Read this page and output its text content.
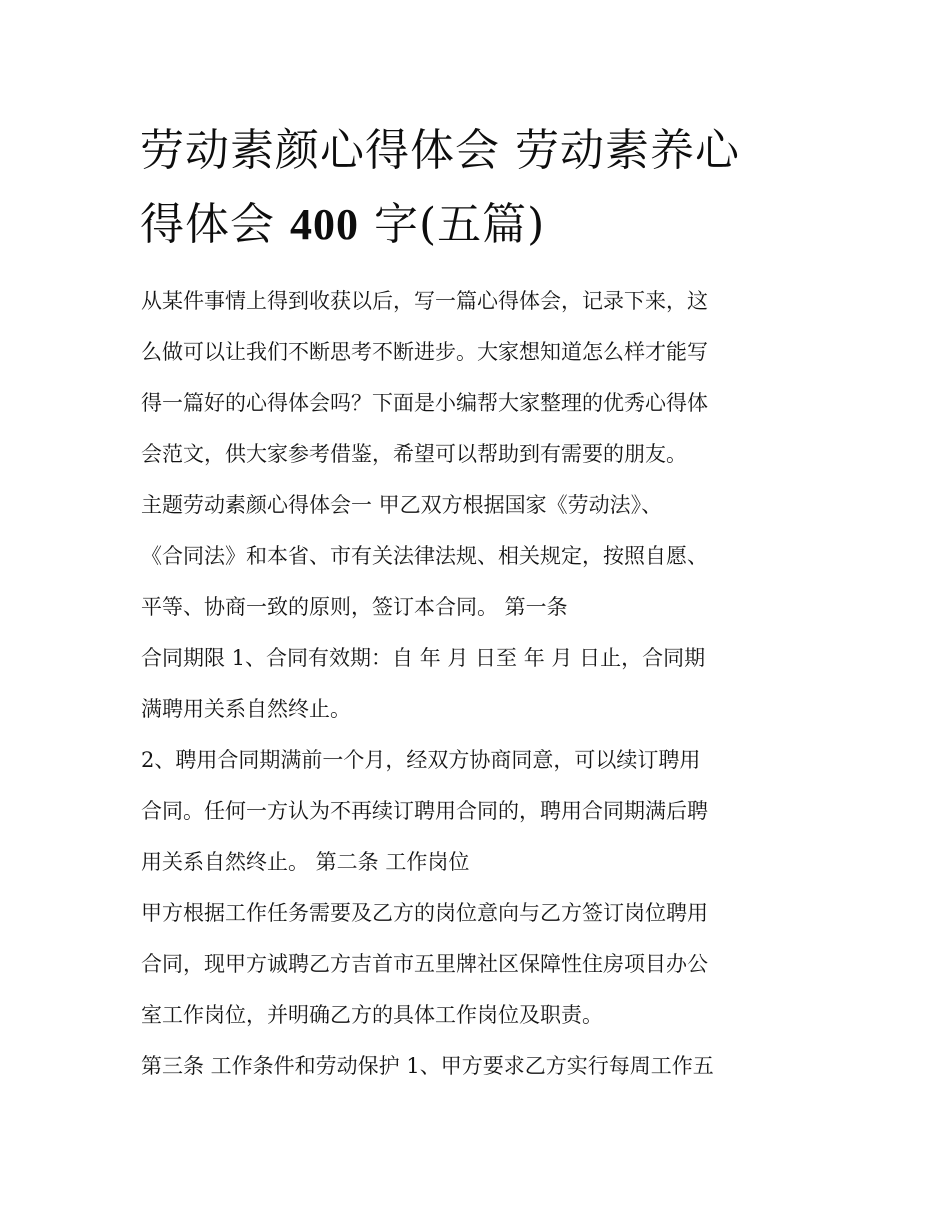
劳动素颜心得体会 劳动素养心
得体会 400 字(五篇)

从某件事情上得到收获以后，写一篇心得体会，记录下来，这

么做可以让我们不断思考不断进步。大家想知道怎么样才能写

得一篇好的心得体会吗？下面是小编帮大家整理的优秀心得体

会范文，供大家参考借鉴，希望可以帮助到有需要的朋友。

主题劳动素颜心得体会一 甲乙双方根据国家《劳动法》、

《合同法》和本省、市有关法律法规、相关规定，按照自愿、

平等、协商一致的原则，签订本合同。 第一条

合同期限 1、合同有效期：自 年 月 日至 年 月 日止，合同期

满聘用关系自然终止。

2、聘用合同期满前一个月，经双方协商同意，可以续订聘用

合同。任何一方认为不再续订聘用合同的，聘用合同期满后聘

用关系自然终止。 第二条 工作岗位

甲方根据工作任务需要及乙方的岗位意向与乙方签订岗位聘用

合同，现甲方诚聘乙方吉首市五里牌社区保障性住房项目办公

室工作岗位，并明确乙方的具体工作岗位及职责。

第三条 工作条件和劳动保护 1、甲方要求乙方实行每周工作五
